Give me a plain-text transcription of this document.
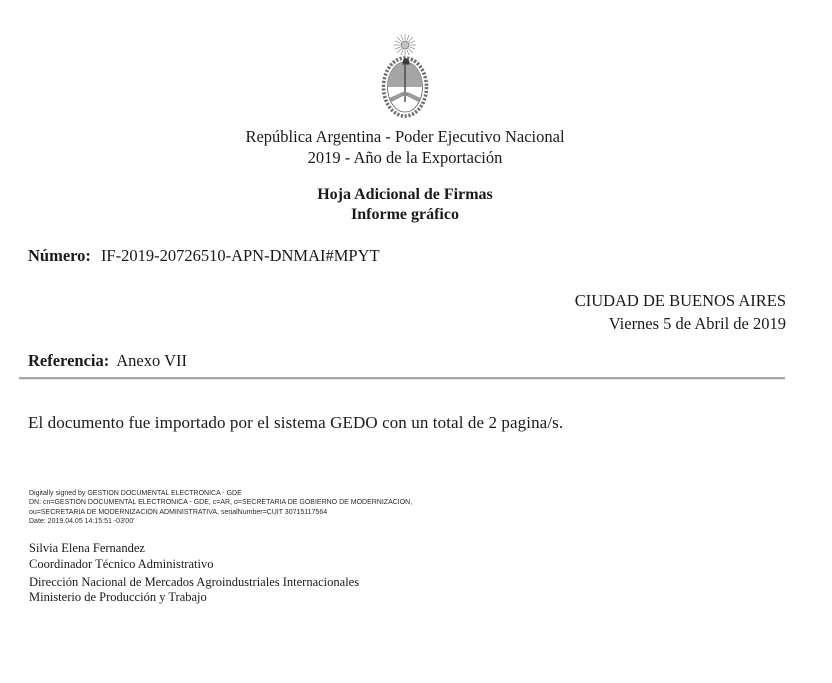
República Argentina - Poder Ejecutivo Nacional
2019 - Año de la Exportación
Hoja Adicional de Firmas
Informe gráfico
Número: IF-2019-20726510-APN-DNMAI#MPYT
CIUDAD DE BUENOS AIRES
Viernes 5 de Abril de 2019
Referencia: Anexo VII
El documento fue importado por el sistema GEDO con un total de 2 pagina/s.
Digitally signed by GESTION DOCUMENTAL ELECTRONICA - GDE
DN: cn=GESTION DOCUMENTAL ELECTRONICA - GDE, c=AR, o=SECRETARIA DE GOBIERNO DE MODERNIZACION,
ou=SECRETARIA DE MODERNIZACION ADMINISTRATIVA, serialNumber=CUIT 30715117564
Date: 2019.04.05 14:15:51 -03'00'
Silvia Elena Fernandez
Coordinador Técnico Administrativo
Dirección Nacional de Mercados Agroindustriales Internacionales
Ministerio de Producción y Trabajo
